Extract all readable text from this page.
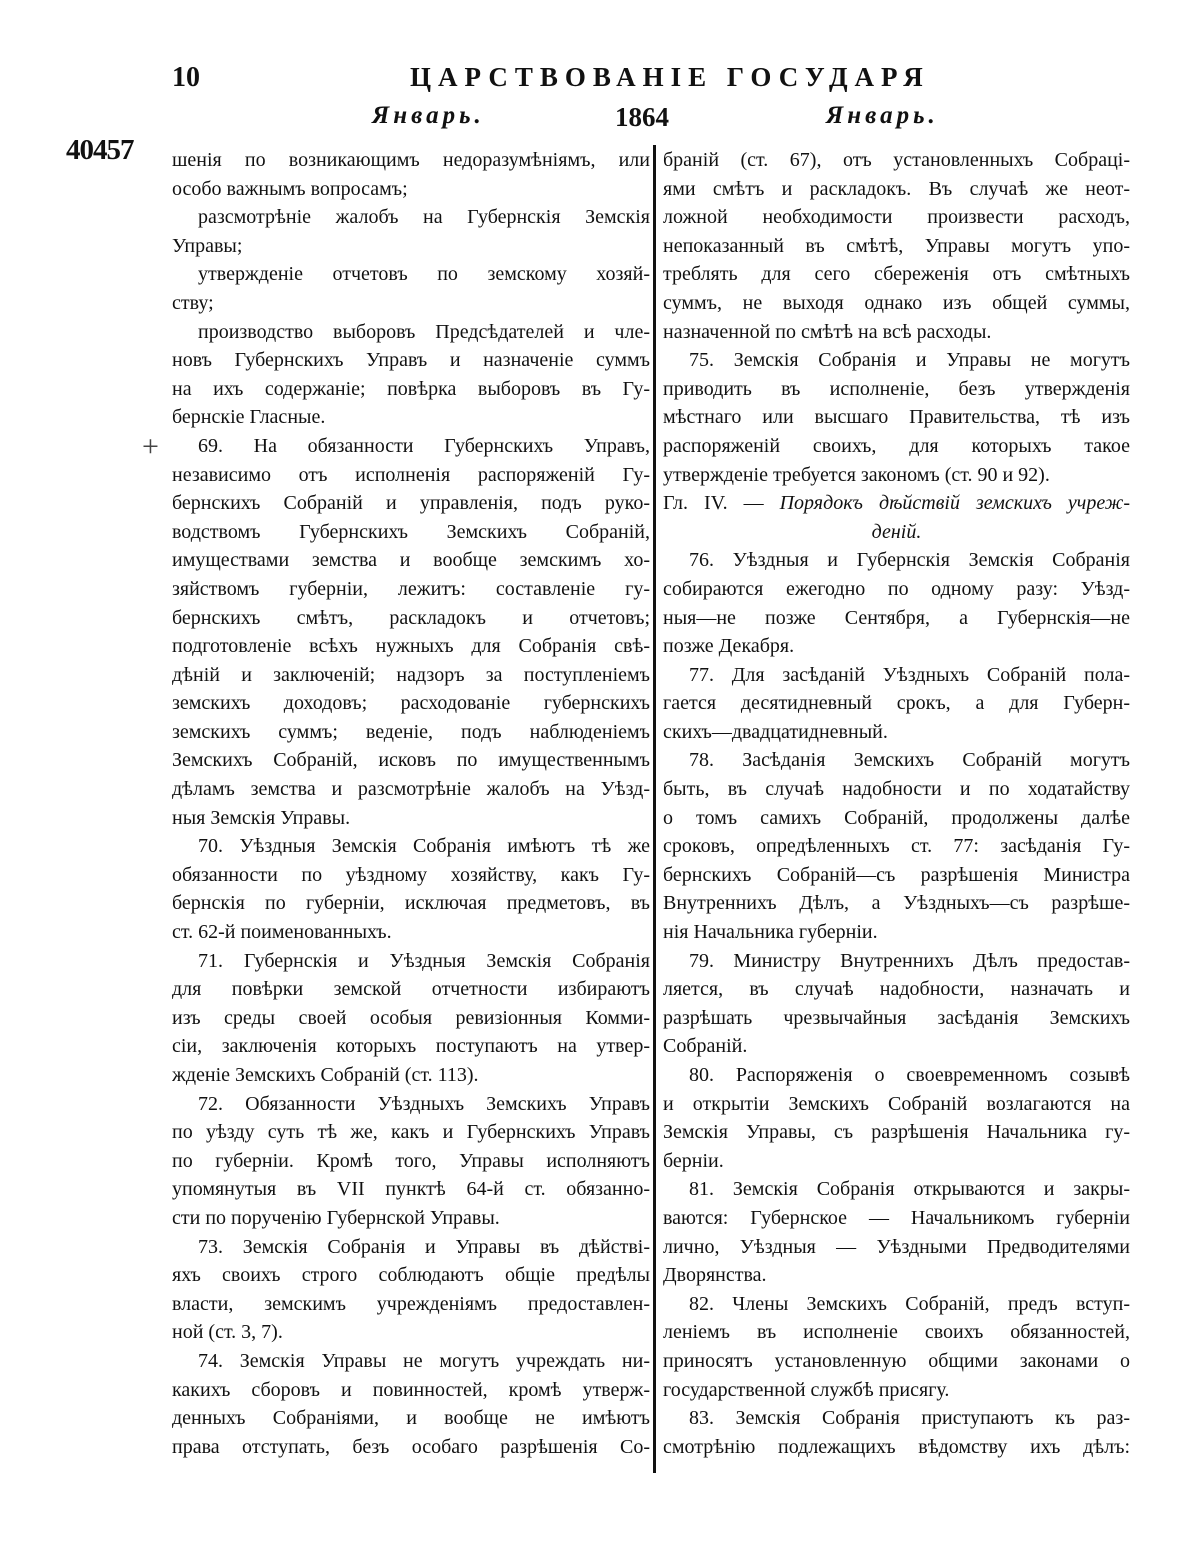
10	ЦАРСТВОВАНІЕ ГОСУДАРЯ
Январь.	1864	Январь.
40457
+
шенія по возникающимъ недоразумѣніямъ, или
особо важнымъ вопросамъ;
разсмотрѣніе жалобъ на Губернскія Земскія
Управы;
утвержденіе отчетовъ по земскому хозяй-
ству;
производство выборовъ Предсѣдателей и чле-
новъ Губернскихъ Управъ и назначеніе суммъ
на ихъ содержаніе; повѣрка выборовъ въ Гу-
бернскіе Гласные.
69. На обязанности Губернскихъ Управъ,
независимо отъ исполненія распоряженій Гу-
бернскихъ Собраній и управленія, подъ руко-
водствомъ Губернскихъ Земскихъ Собраній,
имуществами земства и вообще земскимъ хо-
зяйствомъ губерніи, лежитъ: составленіе гу-
бернскихъ смѣтъ, раскладокъ и отчетовъ;
подготовленіе всѣхъ нужныхъ для Собранія свѣ-
дѣній и заключеній; надзоръ за поступленіемъ
земскихъ доходовъ; расходованіе губернскихъ
земскихъ суммъ; веденіе, подъ наблюденіемъ
Земскихъ Собраній, исковъ по имущественнымъ
дѣламъ земства и разсмотрѣніе жалобъ на Уѣзд-
ныя Земскія Управы.
70. Уѣздныя Земскія Собранія имѣютъ тѣ же
обязанности по уѣздному хозяйству, какъ Гу-
бернскія по губерніи, исключая предметовъ, въ
ст. 62-й поименованныхъ.
71. Губернскія и Уѣздныя Земскія Собранія
для повѣрки земской отчетности избираютъ
изъ среды своей особыя ревизіонныя Комми-
сіи, заключенія которыхъ поступаютъ на утвер-
жденіе Земскихъ Собраній (ст. 113).
72. Обязанности Уѣздныхъ Земскихъ Управъ
по уѣзду суть тѣ же, какъ и Губернскихъ Управъ
по губерніи. Кромѣ того, Управы исполняютъ
упомянутыя въ VII пунктѣ 64-й ст. обязанно-
сти по порученію Губернской Управы.
73. Земскія Собранія и Управы въ дѣйстві-
яхъ своихъ строго соблюдаютъ общіе предѣлы
власти, земскимъ учрежденіямъ предоставлен-
ной (ст. 3, 7).
74. Земскія Управы не могутъ учреждать ни-
какихъ сборовъ и повинностей, кромѣ утверж-
денныхъ Собраніями, и вообще не имѣютъ
права отступать, безъ особаго разрѣшенія Со-
браній (ст. 67), отъ установленныхъ Собраці-
ями смѣтъ и раскладокъ. Въ случаѣ же неот-
ложной необходимости произвести расходъ,
непоказанный въ смѣтѣ, Управы могутъ упо-
треблять для сего сбереженія отъ смѣтныхъ
суммъ, не выходя однако изъ общей суммы,
назначенной по смѣтѣ на всѣ расходы.
75. Земскія Собранія и Управы не могутъ
приводить въ исполненіе, безъ утвержденія
мѣстнаго или высшаго Правительства, тѣ изъ
распоряженій своихъ, для которыхъ такое
утвержденіе требуется закономъ (ст. 90 и 92).
Гл. IV. — Порядокъ дѣйствій земскихъ учреж-
деній.
76. Уѣздныя и Губернскія Земскія Собранія
собираются ежегодно по одному разу: Уѣзд-
ныя—не позже Сентября, а Губернскія—не
позже Декабря.
77. Для засѣданій Уѣздныхъ Собраній пола-
гается десятидневный срокъ, а для Губерн-
скихъ—двадцатидневный.
78. Засѣданія Земскихъ Собраній могутъ
быть, въ случаѣ надобности и по ходатайству
о томъ самихъ Собраній, продолжены далѣе
сроковъ, опредѣленныхъ ст. 77: засѣданія Гу-
бернскихъ Собраній—съ разрѣшенія Министра
Внутреннихъ Дѣлъ, а Уѣздныхъ—съ разрѣше-
нія Начальника губерніи.
79. Министру Внутреннихъ Дѣлъ предостав-
ляется, въ случаѣ надобности, назначать и
разрѣшать чрезвычайныя засѣданія Земскихъ
Собраній.
80. Распоряженія о своевременномъ созывѣ
и открытіи Земскихъ Собраній возлагаются на
Земскія Управы, съ разрѣшенія Начальника гу-
берніи.
81. Земскія Собранія открываются и закры-
ваются: Губернское — Начальникомъ губерніи
лично, Уѣздныя — Уѣздными Предводителями
Дворянства.
82. Члены Земскихъ Собраній, предъ вступ-
леніемъ въ исполненіе своихъ обязанностей,
приносятъ установленную общими законами о
государственной службѣ присягу.
83. Земскія Собранія приступаютъ къ раз-
смотрѣнію подлежащихъ вѣдомству ихъ дѣлъ:
